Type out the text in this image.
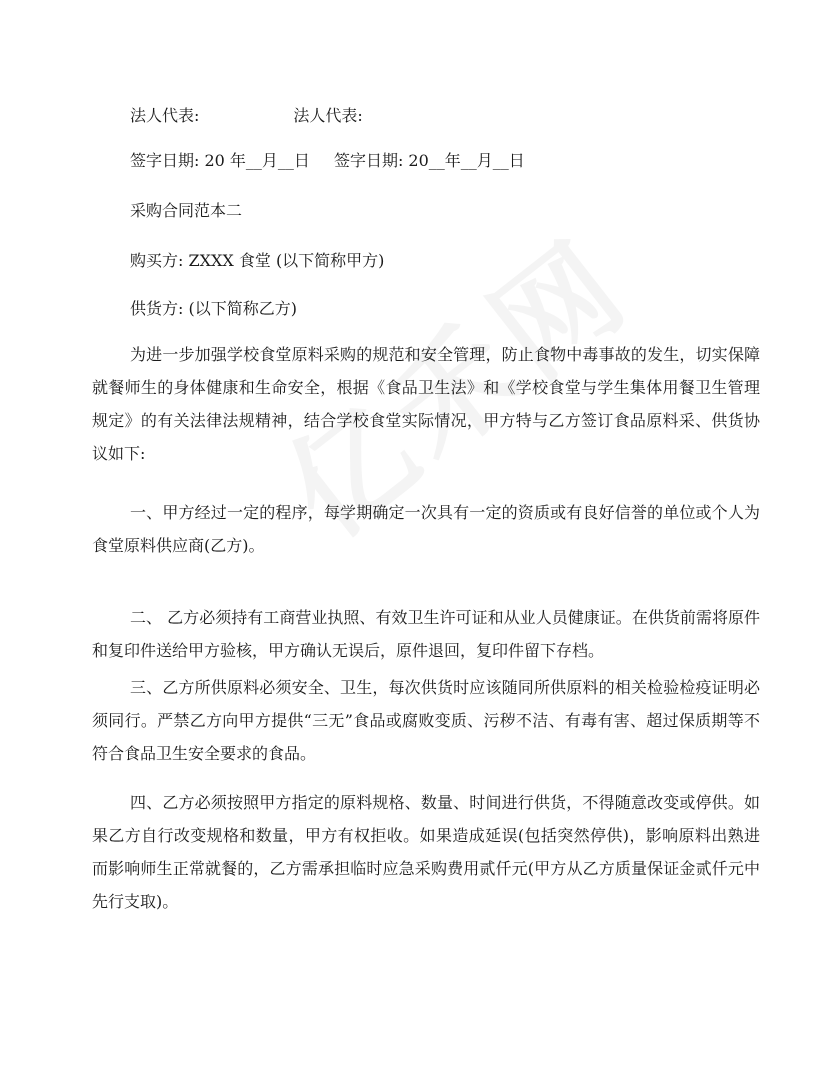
法人代表:	法人代表:
签字日期: 20 年__月__日 签字日期: 20__年__月__日
采购合同范本二
购买方: ZXXX 食堂 (以下简称甲方)
供货方: (以下简称乙方)
为进一步加强学校食堂原料采购的规范和安全管理，防止食物中毒事故的发生，切实保障就餐师生的身体健康和生命安全，根据《食品卫生法》和《学校食堂与学生集体用餐卫生管理规定》的有关法律法规精神，结合学校食堂实际情况，甲方特与乙方签订食品原料采、供货协议如下:
一、甲方经过一定的程序，每学期确定一次具有一定的资质或有良好信誉的单位或个人为食堂原料供应商(乙方)。
二、 乙方必须持有工商营业执照、有效卫生许可证和从业人员健康证。在供货前需将原件和复印件送给甲方验核，甲方确认无误后，原件退回，复印件留下存档。
三、乙方所供原料必须安全、卫生，每次供货时应该随同所供原料的相关检验检疫证明必须同行。严禁乙方向甲方提供“三无”食品或腐败变质、污秽不洁、有毒有害、超过保质期等不符合食品卫生安全要求的食品。
四、乙方必须按照甲方指定的原料规格、数量、时间进行供货，不得随意改变或停供。如果乙方自行改变规格和数量，甲方有权拒收。如果造成延误(包括突然停供)，影响原料出熟进而影响师生正常就餐的，乙方需承担临时应急采购费用贰仟元(甲方从乙方质量保证金贰仟元中先行支取)。
